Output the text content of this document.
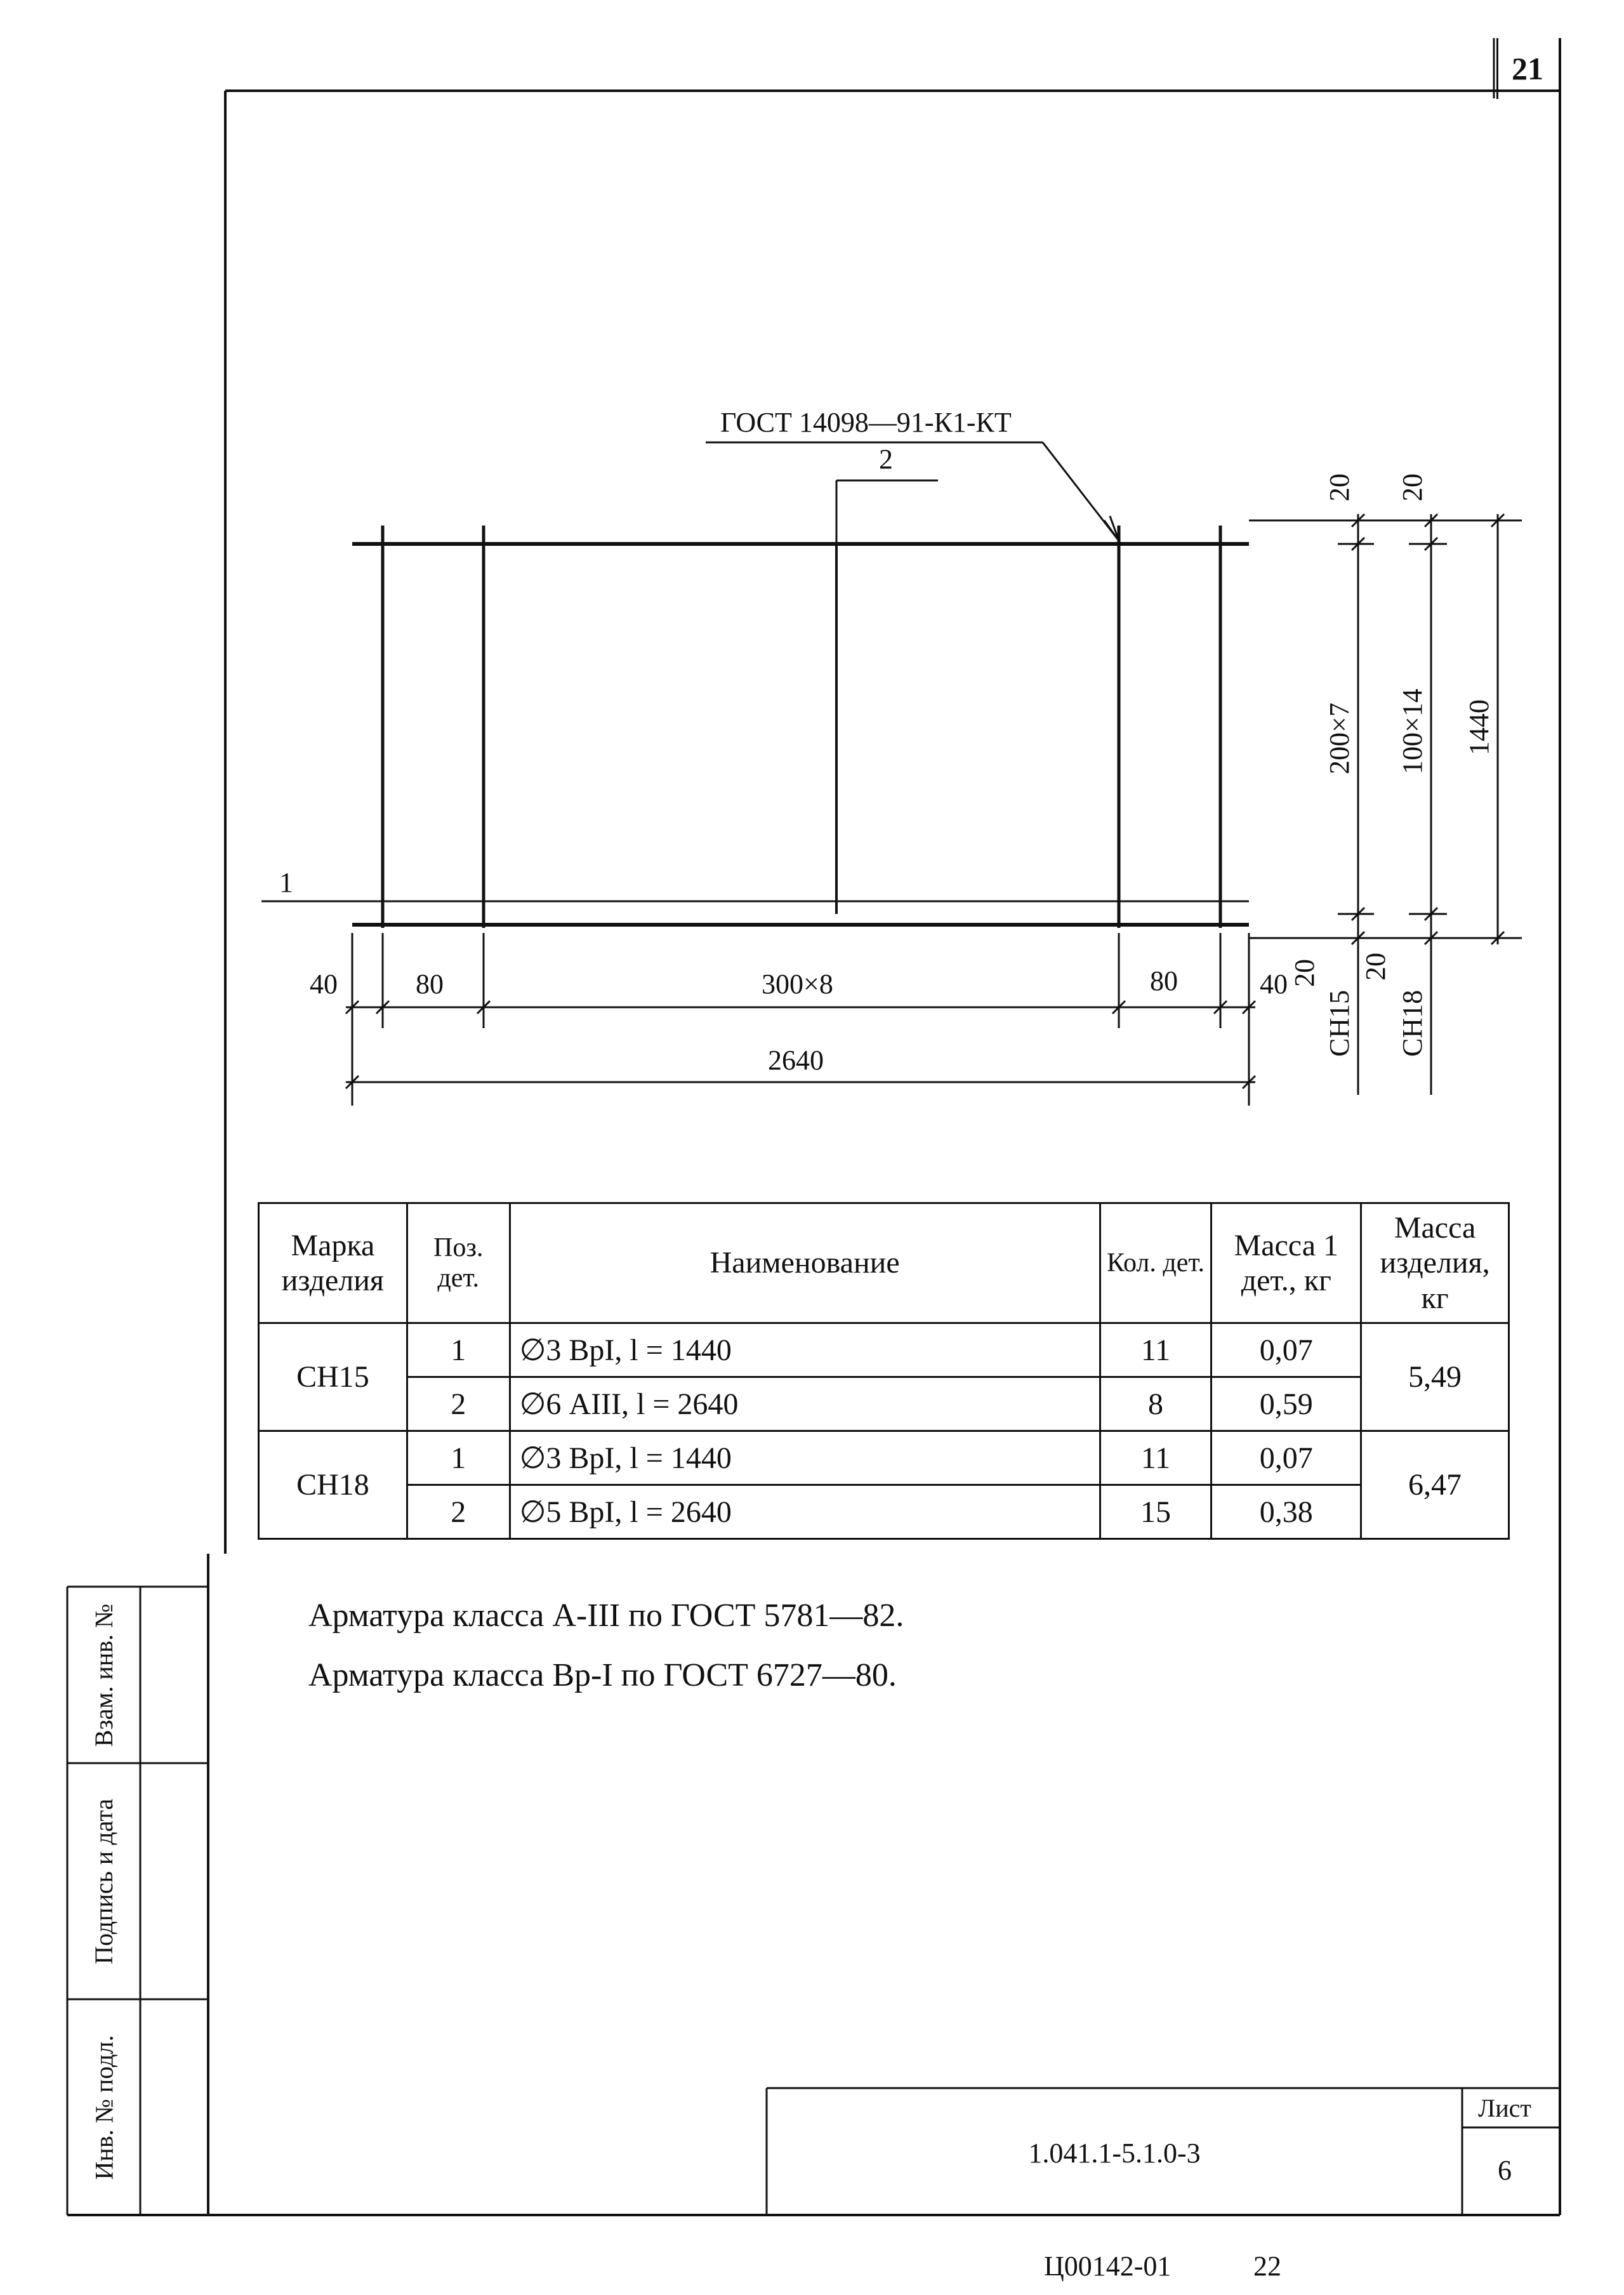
ГОСТ 14098—91-К1-КТ
2
1
40	80	300×8	80	40
2640
20 20
200×7 100×14 1440
20 20
СН15 СН18
21
Марка изделия	Поз. дет.	Наименование	Кол. дет.	Масса 1 дет., кг	Масса изделия, кг
СН15	1	∅3 ВрI, l = 1440	11	0,07	5,49
	2	∅6 АIII, l = 2640	8	0,59	
СН18	1	∅3 ВрI, l = 1440	11	0,07	6,47
	2	∅5 ВрI, l = 2640	15	0,38	
Арматура класса А-III по ГОСТ 5781—82.
Арматура класса Вр-I по ГОСТ 6727—80.
Взам. инв. №
Подпись и дата
Инв. № подл.	1.041.1-5.1.0-3
Лист
6
Ц00142-01	22
